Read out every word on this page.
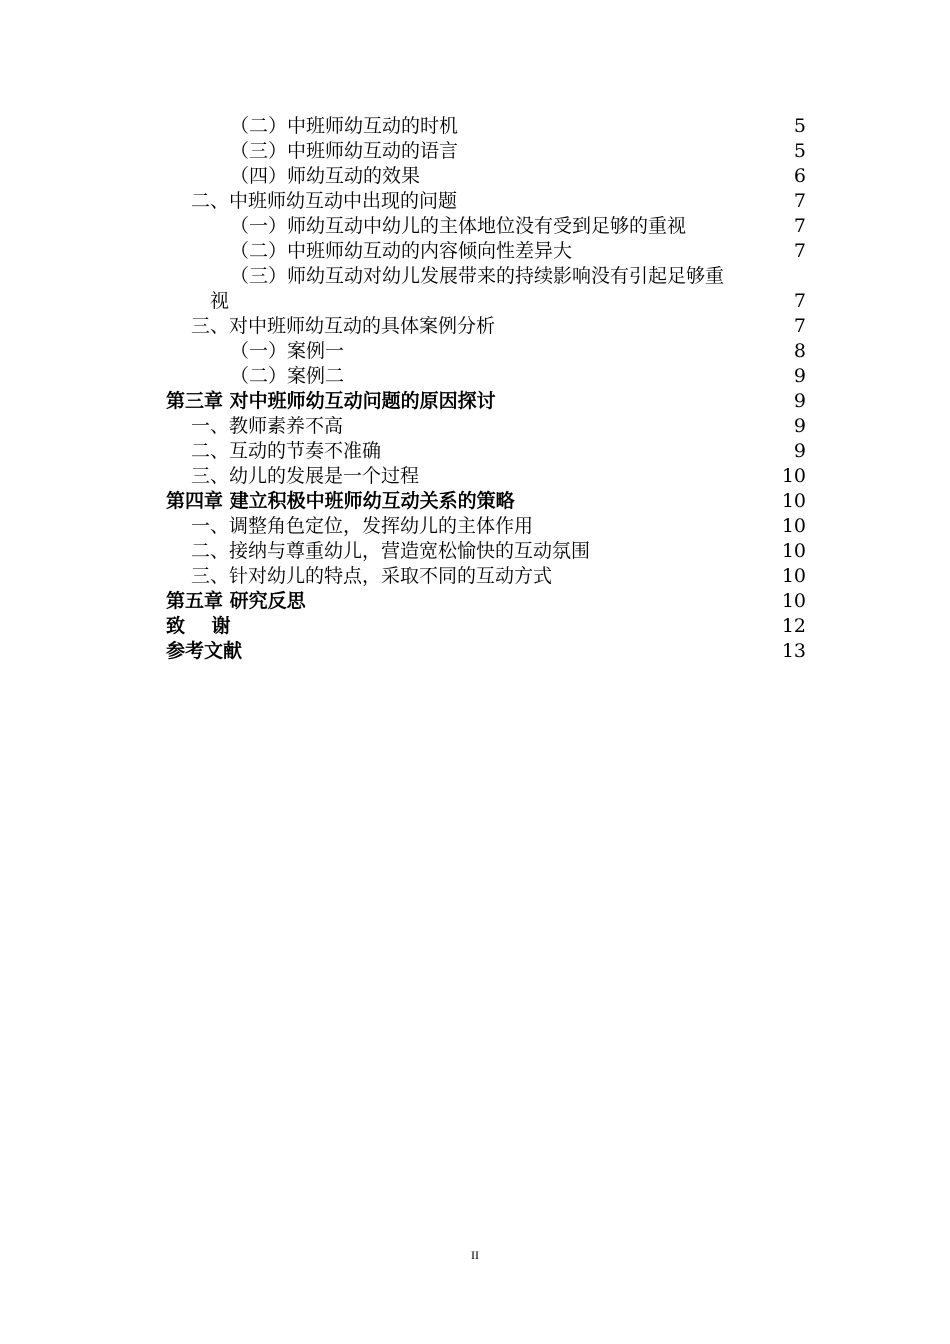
（二）中班师幼互动的时机	5
（三）中班师幼互动的语言	5
（四）师幼互动的效果	6
二、中班师幼互动中出现的问题	7
（一）师幼互动中幼儿的主体地位没有受到足够的重视	7
（二）中班师幼互动的内容倾向性差异大	7
（三）师幼互动对幼儿发展带来的持续影响没有引起足够重
视	7
三、对中班师幼互动的具体案例分析	7
（一）案例一	8
（二）案例二	9
第三章 对中班师幼互动问题的原因探讨	9
一、教师素养不高	9
二、互动的节奏不准确	9
三、幼儿的发展是一个过程	10
第四章 建立积极中班师幼互动关系的策略	10
一、调整角色定位，发挥幼儿的主体作用	10
二、接纳与尊重幼儿，营造宽松愉快的互动氛围	10
三、针对幼儿的特点，采取不同的互动方式	10
第五章 研究反思	10
致    谢	12
参考文献	13
II
